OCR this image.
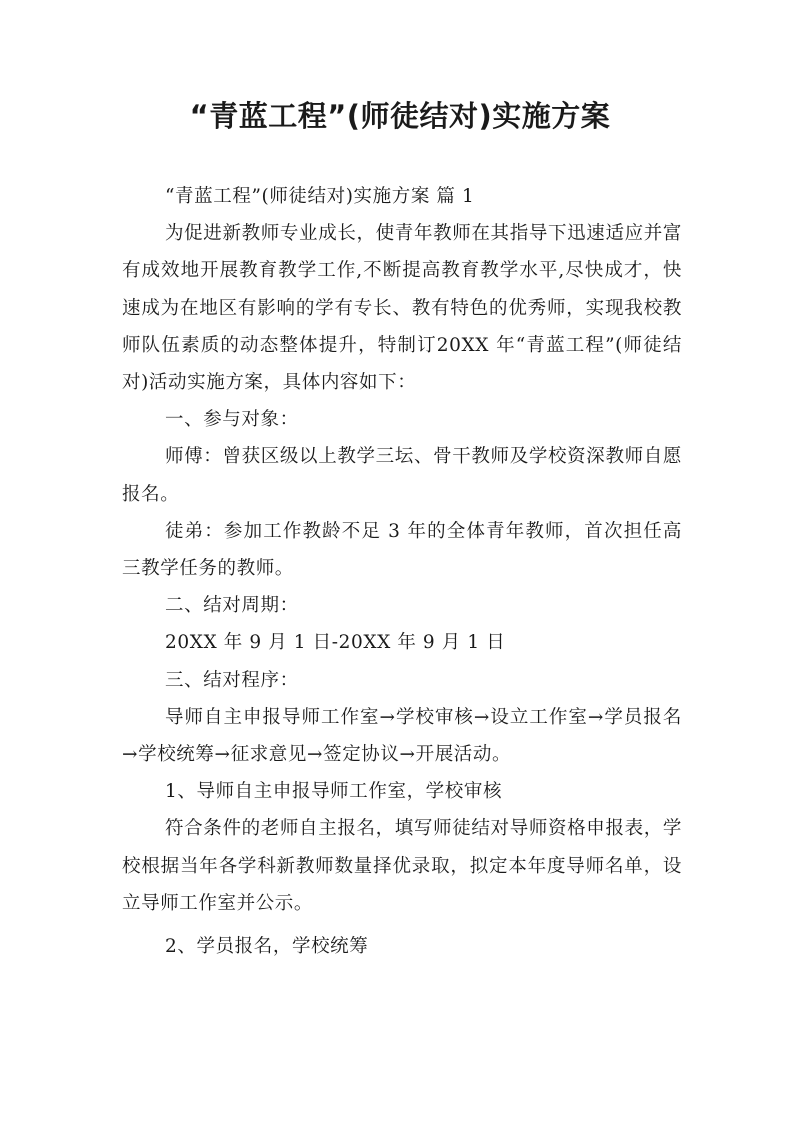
“青蓝工程”(师徒结对)实施方案

“青蓝工程”(师徒结对)实施方案 篇 1

为促进新教师专业成长，使青年教师在其指导下迅速适应并富有成效地开展教育教学工作,不断提高教育教学水平,尽快成才，快速成为在地区有影响的学有专长、教有特色的优秀师，实现我校教师队伍素质的动态整体提升，特制订20XX 年“青蓝工程”(师徒结对)活动实施方案，具体内容如下：

一、参与对象：

师傅：曾获区级以上教学三坛、骨干教师及学校资深教师自愿报名。

徒弟：参加工作教龄不足 3 年的全体青年教师，首次担任高三教学任务的教师。

二、结对周期：

20XX 年 9 月 1 日-20XX 年 9 月 1 日

三、结对程序：

导师自主申报导师工作室→学校审核→设立工作室→学员报名→学校统筹→征求意见→签定协议→开展活动。

1、导师自主申报导师工作室，学校审核

符合条件的老师自主报名，填写师徒结对导师资格申报表，学校根据当年各学科新教师数量择优录取，拟定本年度导师名单，设立导师工作室并公示。

2、学员报名，学校统筹
